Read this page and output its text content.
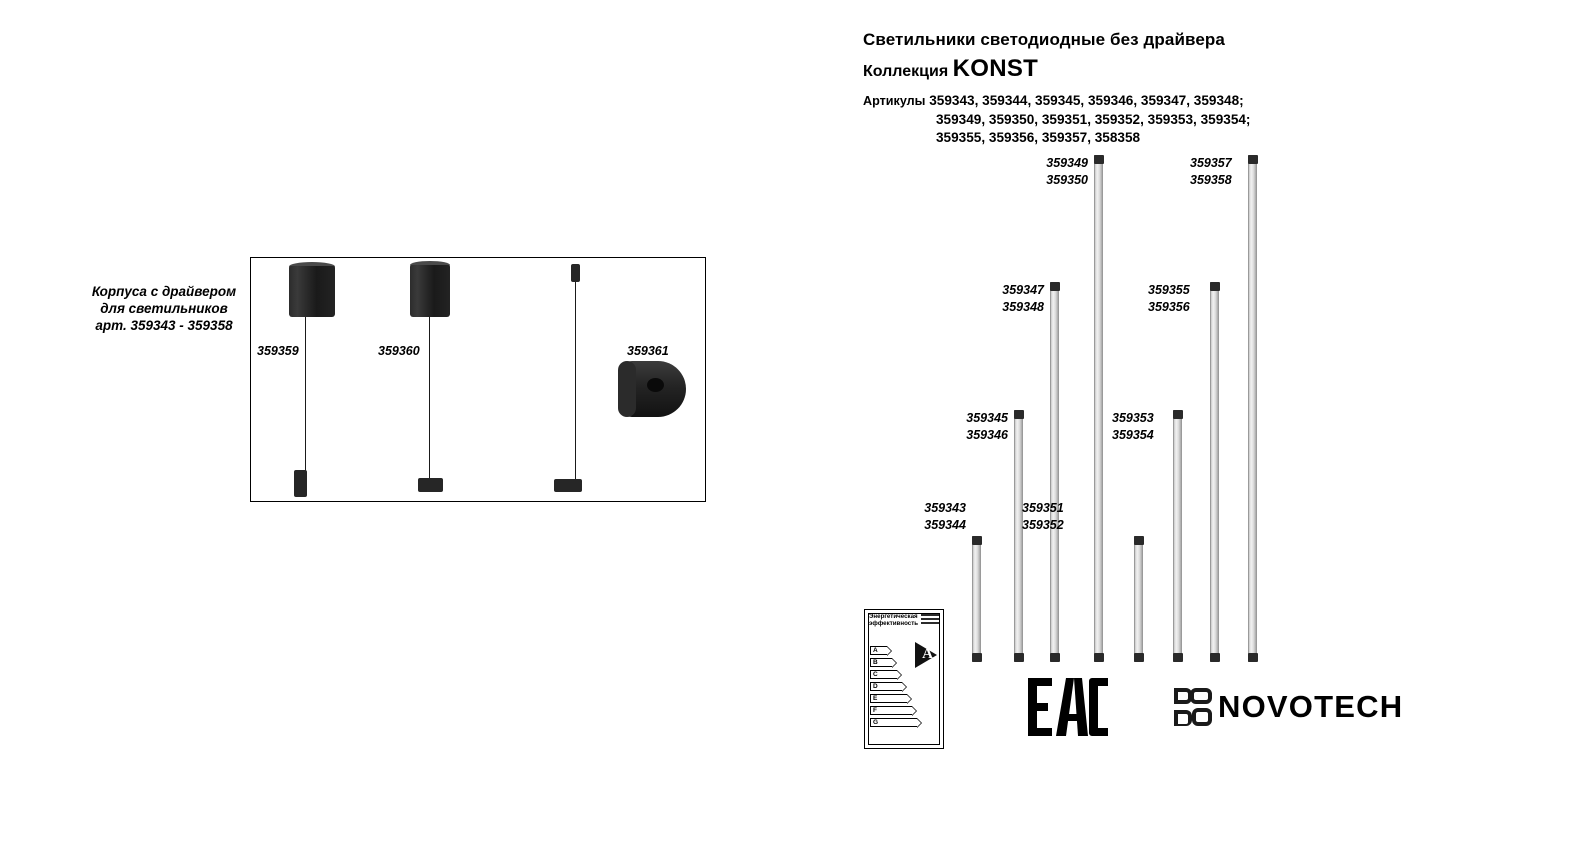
Корпуса с драйвером
для светильников
арт. 359343 - 359358
359359	359360	359361
Светильники светодиодные без драйвера
Коллекция KONST
Артикулы 359343, 359344, 359345, 359346, 359347, 359348;
359349, 359350, 359351, 359352, 359353, 359354;
359355, 359356, 359357, 358358
359343
359344
359345
359346
359347
359348
359349
359350
359351
359352
359353
359354
359355
359356
359357
359358
Энергетическая
эффективность
A
B
C
D
E
F
G
A
NOVOTECH
